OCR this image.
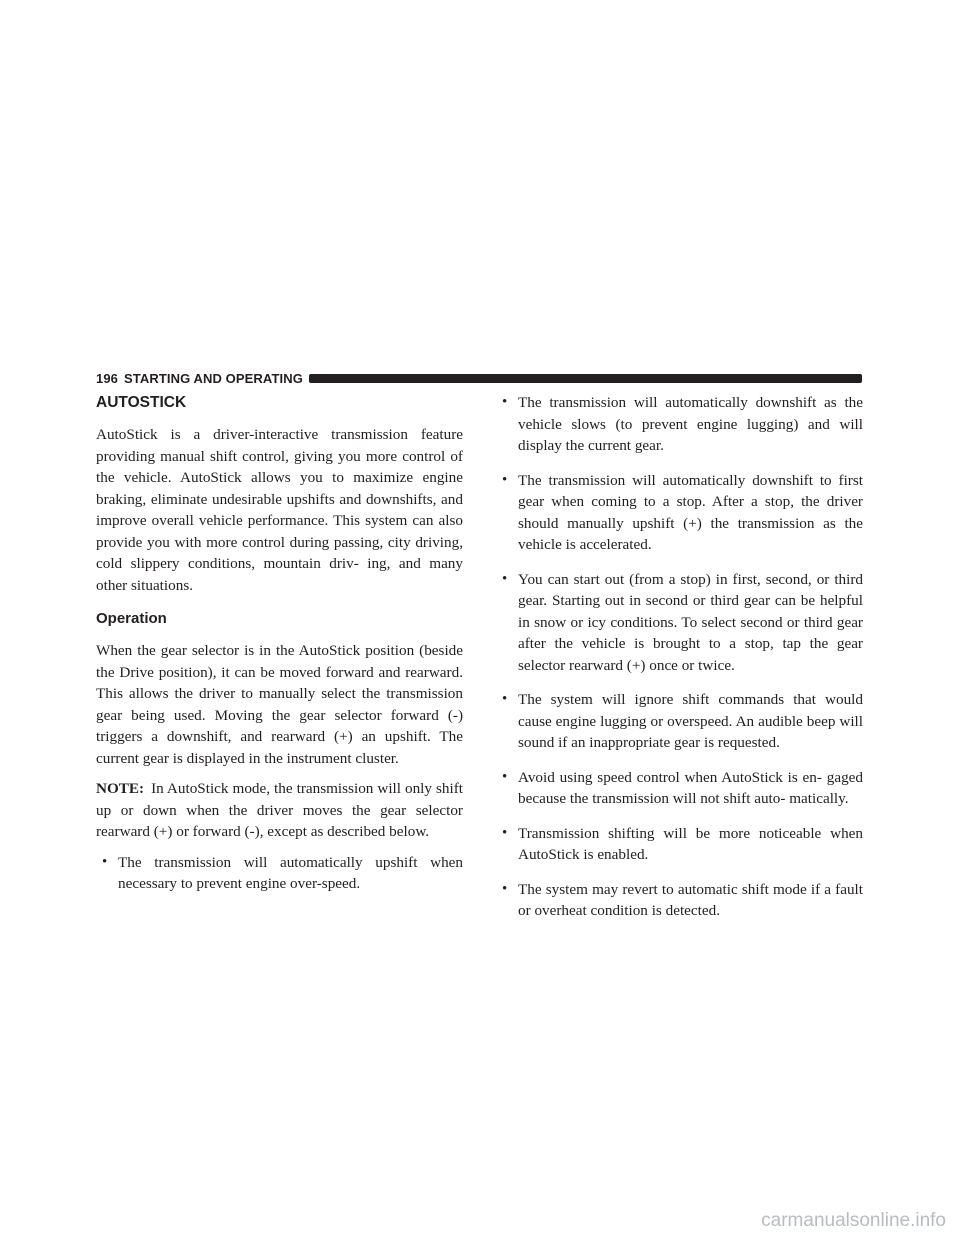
196 STARTING AND OPERATING
AUTOSTICK

AutoStick is a driver-interactive transmission feature providing manual shift control, giving you more control of the vehicle. AutoStick allows you to maximize engine braking, eliminate undesirable upshifts and downshifts, and improve overall vehicle performance. This system can also provide you with more control during passing, city driving, cold slippery conditions, mountain driv- ing, and many other situations.

Operation

When the gear selector is in the AutoStick position (beside the Drive position), it can be moved forward and rearward. This allows the driver to manually select the transmission gear being used. Moving the gear selector forward (-) triggers a downshift, and rearward (+) an upshift. The current gear is displayed in the instrument cluster.

NOTE: In AutoStick mode, the transmission will only shift up or down when the driver moves the gear selector rearward (+) or forward (-), except as described below.

• The transmission will automatically upshift when necessary to prevent engine over-speed.
• The transmission will automatically downshift as the vehicle slows (to prevent engine lugging) and will display the current gear.
• The transmission will automatically downshift to first gear when coming to a stop. After a stop, the driver should manually upshift (+) the transmission as the vehicle is accelerated.
• You can start out (from a stop) in first, second, or third gear. Starting out in second or third gear can be helpful in snow or icy conditions. To select second or third gear after the vehicle is brought to a stop, tap the gear selector rearward (+) once or twice.
• The system will ignore shift commands that would cause engine lugging or overspeed. An audible beep will sound if an inappropriate gear is requested.
• Avoid using speed control when AutoStick is en- gaged because the transmission will not shift auto- matically.
• Transmission shifting will be more noticeable when AutoStick is enabled.
• The system may revert to automatic shift mode if a fault or overheat condition is detected.
carmanualsonline.info
